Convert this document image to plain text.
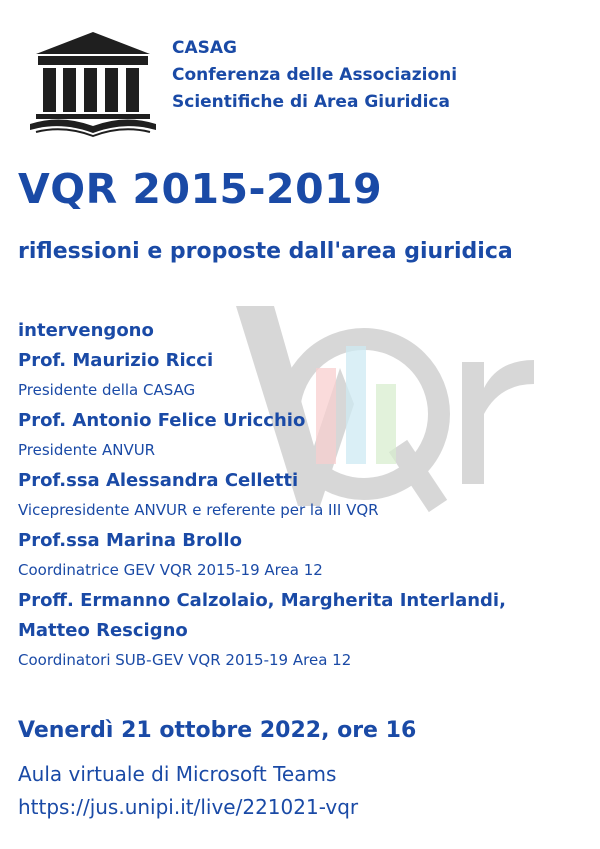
CASAG
Conferenza delle Associazioni
Scientifiche di Area Giuridica
VQR 2015-2019
riflessioni e proposte dall'area giuridica
intervengono
Prof. Maurizio Ricci
Presidente della CASAG
Prof. Antonio Felice Uricchio
Presidente ANVUR
Prof.ssa Alessandra Celletti
Vicepresidente ANVUR e referente per la III VQR
Prof.ssa Marina Brollo
Coordinatrice GEV VQR 2015-19 Area 12
Proff. Ermanno Calzolaio, Margherita Interlandi,
Matteo Rescigno
Coordinatori SUB-GEV VQR 2015-19 Area 12
Venerdì 21 ottobre 2022, ore 16
Aula virtuale di Microsoft Teams
https://jus.unipi.it/live/221021-vqr
